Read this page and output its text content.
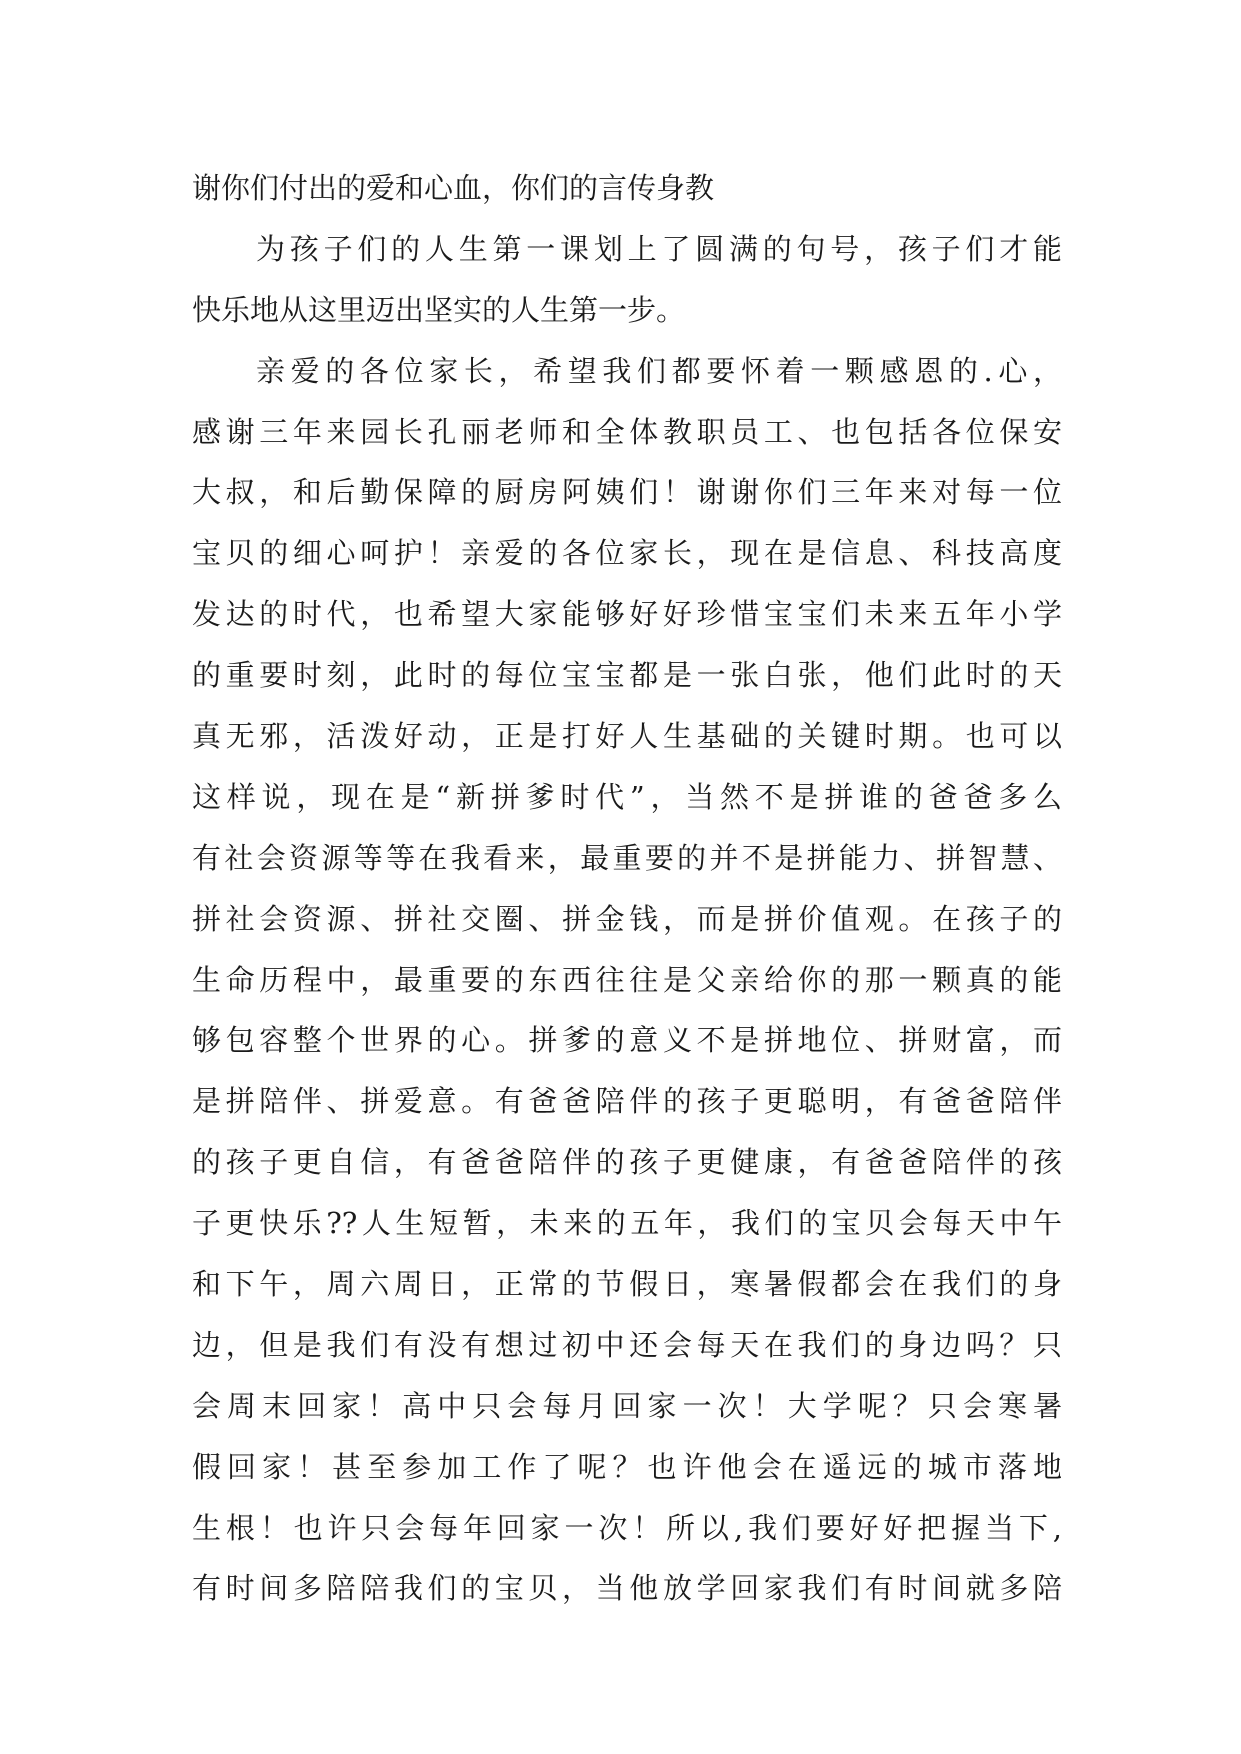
谢你们付出的爱和心血，你们的言传身教
为孩子们的人生第一课划上了圆满的句号，孩子们才能
快乐地从这里迈出坚实的人生第一步。
亲爱的各位家长，希望我们都要怀着一颗感恩的.心，
感谢三年来园长孔丽老师和全体教职员工、也包括各位保安
大叔，和后勤保障的厨房阿姨们！谢谢你们三年来对每一位
宝贝的细心呵护！亲爱的各位家长，现在是信息、科技高度
发达的时代，也希望大家能够好好珍惜宝宝们未来五年小学
的重要时刻，此时的每位宝宝都是一张白张，他们此时的天
真无邪，活泼好动，正是打好人生基础的关键时期。也可以
这样说，现在是“新拼爹时代”，当然不是拼谁的爸爸多么
有社会资源等等在我看来，最重要的并不是拼能力、拼智慧、
拼社会资源、拼社交圈、拼金钱，而是拼价值观。在孩子的
生命历程中，最重要的东西往往是父亲给你的那一颗真的能
够包容整个世界的心。拼爹的意义不是拼地位、拼财富，而
是拼陪伴、拼爱意。有爸爸陪伴的孩子更聪明，有爸爸陪伴
的孩子更自信，有爸爸陪伴的孩子更健康，有爸爸陪伴的孩
子更快乐??人生短暂，未来的五年，我们的宝贝会每天中午
和下午，周六周日，正常的节假日，寒暑假都会在我们的身
边，但是我们有没有想过初中还会每天在我们的身边吗？只
会周末回家！高中只会每月回家一次！大学呢？只会寒暑
假回家！甚至参加工作了呢？也许他会在遥远的城市落地
生根！也许只会每年回家一次！所以,我们要好好把握当下,
有时间多陪陪我们的宝贝，当他放学回家我们有时间就多陪
